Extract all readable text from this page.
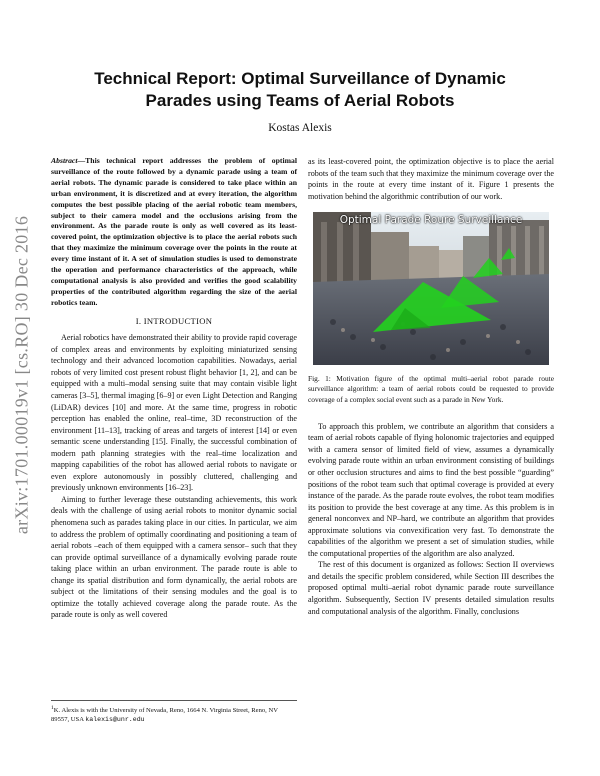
arXiv:1701.00019v1 [cs.RO] 30 Dec 2016
Technical Report: Optimal Surveillance of Dynamic Parades using Teams of Aerial Robots
Kostas Alexis
Abstract—This technical report addresses the problem of optimal surveillance of the route followed by a dynamic parade using a team of aerial robots. The dynamic parade is considered to take place within an urban environment, it is discretized and at every iteration, the algorithm computes the best possible placing of the aerial robotic team members, subject to their camera model and the occlusions arising from the environment. As the parade route is only as well covered as its least-covered point, the optimization objective is to place the aerial robots such that they maximize the minimum coverage over the points in the route at every time instant of it. A set of simulation studies is used to demonstrate the operation and performance characteristics of the approach, while computational analysis is also provided and verifies the good scalability properties of the contributed algorithm regarding the size of the aerial robotics team.
I. INTRODUCTION

Aerial robotics have demonstrated their ability to provide rapid coverage of complex areas and environments by exploiting miniaturized sensing technology and their advanced locomotion capabilities. Nowadays, aerial robots of very limited cost present robust flight behavior [1, 2], and can be equipped with a multi–modal sensing suite that may contain visible light cameras [3–5], thermal imaging [6–9] or even Light Detection and Ranging (LiDAR) devices [10] and more. At the same time, progress in robotic perception has enabled the online, real–time, 3D reconstruction of the environment [11–13], tracking of areas and targets of interest [14] or even semantic scene understanding [15]. Finally, the successful combination of modern path planning strategies with the real–time localization and mapping capabilities of the robot has allowed aerial robots to navigate or even explore autonomously in possibly cluttered, challenging and previously unknown environments [16–23].

Aiming to further leverage these outstanding achievements, this work deals with the challenge of using aerial robots to monitor dynamic social phenomena such as parades taking place in our cities. In particular, we aim to address the problem of optimally coordinating and positioning a team of aerial robots –each of them equipped with a camera sensor– such that they can provide optimal surveillance of a dynamically evolving parade route taking place within an urban environment. The parade route is able to change its spatial distribution and form dynamically, the aerial robots are subject ot the limitations of their sensing modules and the goal is to optimize the totally achieved coverage along the parade route. As the parade route is only as well covered

$^1$K. Alexis is with the University of Nevada, Reno, 1664 N. Virginia Street, Reno, NV 89557, USA kalexis@unr.edu

as its least-covered point, the optimization objective is to place the aerial robots of the team such that they maximize the minimum coverage over the points in the route at every time instant of it. Figure 1 presents the motivation behind the algorithmic contribution of our work.

Optimal Parade Roure Surveillance
Fig. 1: Motivation figure of the optimal multi–aerial robot parade route surveillance algorithm: a team of aerial robots could be requested to provide coverage of a complex social event such as a parade in New York.

To approach this problem, we contribute an algorithm that considers a team of aerial robots capable of flying holonomic trajectories and equipped with a camera sensor of limited field of view, assumes a dynamically evolving parade route within an urban environment consisting of buildings or other occlusion structures and aims to find the best possible “guarding” positions of the robot team such that optimal coverage is provided at every instance of the parade. As the parade route evolves, the robot team modifies its position to provide the best coverage at any time. As this problem is in general nonconvex and NP–hard, we contribute an algorithm that provides approximate solutions via convexification very fast. To demonstrate the capabilities of the algorithm we present a set of simulation studies, while the computational properties of the algorithm are also analyzed.

The rest of this document is organized as follows: Section II overviews and details the specific problem considered, while Section III describes the proposed optimal multi–aerial robot dynamic parade route surveillance algorithm. Subsequently, Section IV presents detailed simulation results and computational analysis of the algorithm. Finally, conclusions
